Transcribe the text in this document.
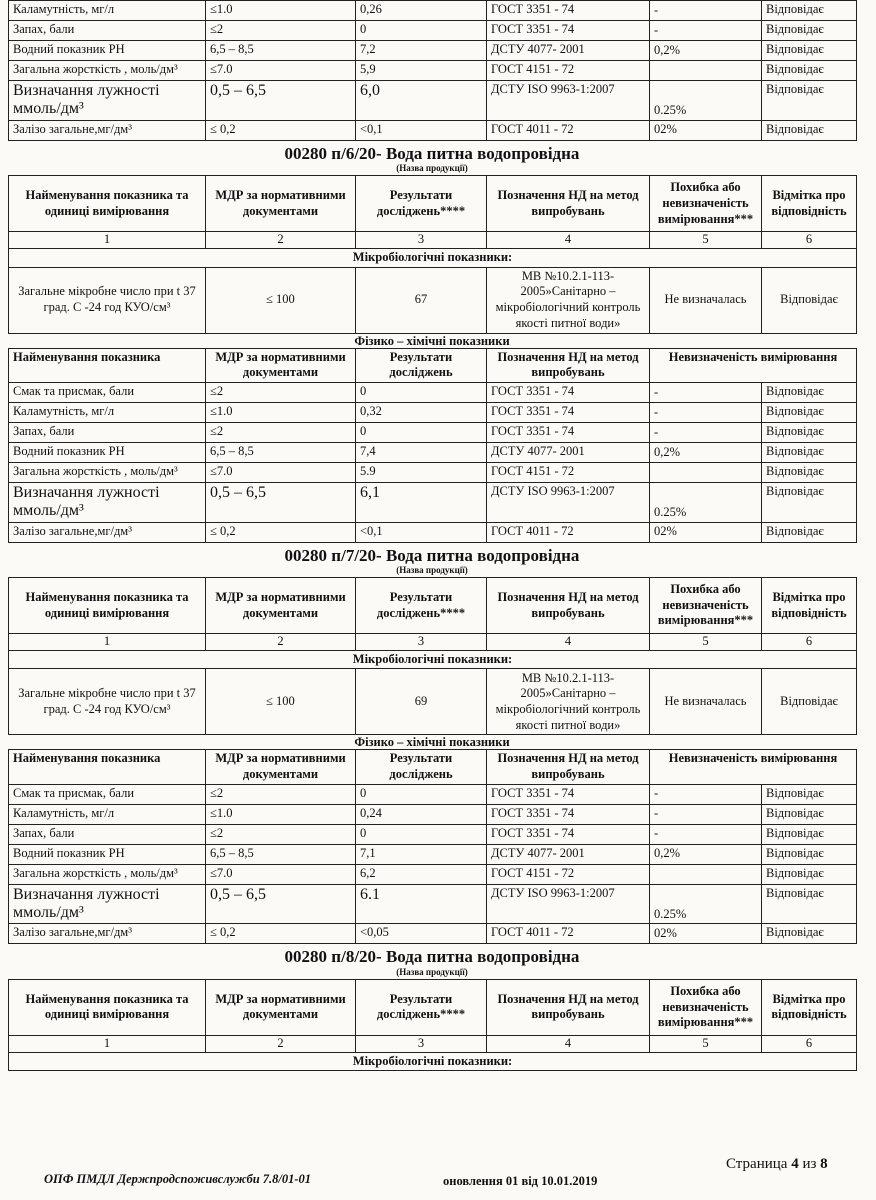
Каламутність, мг/л	≤1.0	0,26	ГОСТ 3351 - 74	-	Відповідає
Запах, бали	≤2	0	ГОСТ 3351 - 74	-	Відповідає
Водний показник РН	6,5 – 8,5	7,2	ДСТУ 4077- 2001	0,2%	Відповідає
Загальна жорсткість , моль/дм³	≤7.0	5,9	ГОСТ 4151 - 72		Відповідає
Визначання лужності ммоль/дм³	0,5 – 6,5	6,0	ДСТУ ISO 9963-1:2007	0.25%	Відповідає
Залізо загальне,мг/дм³	≤ 0,2	<0,1	ГОСТ 4011 - 72	02%	Відповідає
00280 п/6/20- Вода питна водопровідна
(Назва продукції)
Найменування показника та одиниці вимірювання	МДР за нормативними документами	Результати досліджень****	Позначення НД на метод випробувань	Похибка або невизначеність вимірювання***	Відмітка про відповідність
1	2	3	4	5	6
Мікробіологічні показники:					
Загальне мікробне число при t 37 град. С -24 год КУО/см³	≤ 100	67	МВ №10.2.1-113-2005»Санітарно – мікробіологічний контроль якості питної води»	Не визначалась	Відповідає
Фізико – хімічні показники
Найменування показника	МДР за нормативними документами	Результати досліджень	Позначення НД на метод випробувань	Невизначеність вимірювання	
Смак та присмак, бали	≤2	0	ГОСТ 3351 - 74	-	Відповідає
Каламутність, мг/л	≤1.0	0,32	ГОСТ 3351 - 74	-	Відповідає
Запах, бали	≤2	0	ГОСТ 3351 - 74	-	Відповідає
Водний показник РН	6,5 – 8,5	7,4	ДСТУ 4077- 2001	0,2%	Відповідає
Загальна жорсткість , моль/дм³	≤7.0	5.9	ГОСТ 4151 - 72		Відповідає
Визначання лужності ммоль/дм³	0,5 – 6,5	6,1	ДСТУ ISO 9963-1:2007	0.25%	Відповідає
Залізо загальне,мг/дм³	≤ 0,2	<0,1	ГОСТ 4011 - 72	02%	Відповідає
00280 п/7/20- Вода питна водопровідна
(Назва продукції)
Найменування показника та одиниці вимірювання	МДР за нормативними документами	Результати досліджень****	Позначення НД на метод випробувань	Похибка або невизначеність вимірювання***	Відмітка про відповідність
1	2	3	4	5	6
Мікробіологічні показники:					
Загальне мікробне число при t 37 град. С -24 год КУО/см³	≤ 100	69	МВ №10.2.1-113-2005»Санітарно – мікробіологічний контроль якості питної води»	Не визначалась	Відповідає
Фізико – хімічні показники
Найменування показника	МДР за нормативними документами	Результати досліджень	Позначення НД на метод випробувань	Невизначеність вимірювання	
Смак та присмак, бали	≤2	0	ГОСТ 3351 - 74	-	Відповідає
Каламутність, мг/л	≤1.0	0,24	ГОСТ 3351 - 74	-	Відповідає
Запах, бали	≤2	0	ГОСТ 3351 - 74	-	Відповідає
Водний показник РН	6,5 – 8,5	7,1	ДСТУ 4077- 2001	0,2%	Відповідає
Загальна жорсткість , моль/дм³	≤7.0	6,2	ГОСТ 4151 - 72		Відповідає
Визначання лужності ммоль/дм³	0,5 – 6,5	6.1	ДСТУ ISO 9963-1:2007	0.25%	Відповідає
Залізо загальне,мг/дм³	≤ 0,2	<0,05	ГОСТ 4011 - 72	02%	Відповідає
00280 п/8/20- Вода питна водопровідна
(Назва продукції)
Найменування показника та одиниці вимірювання	МДР за нормативними документами	Результати досліджень****	Позначення НД на метод випробувань	Похибка або невизначеність вимірювання***	Відмітка про відповідність
1	2	3	4	5	6
Мікробіологічні показники:					
Страница 4 из 8
ОПФ ПМДЛ Держпродспоживслужби 7.8/01-01	оновлення 01 від 10.01.2019
